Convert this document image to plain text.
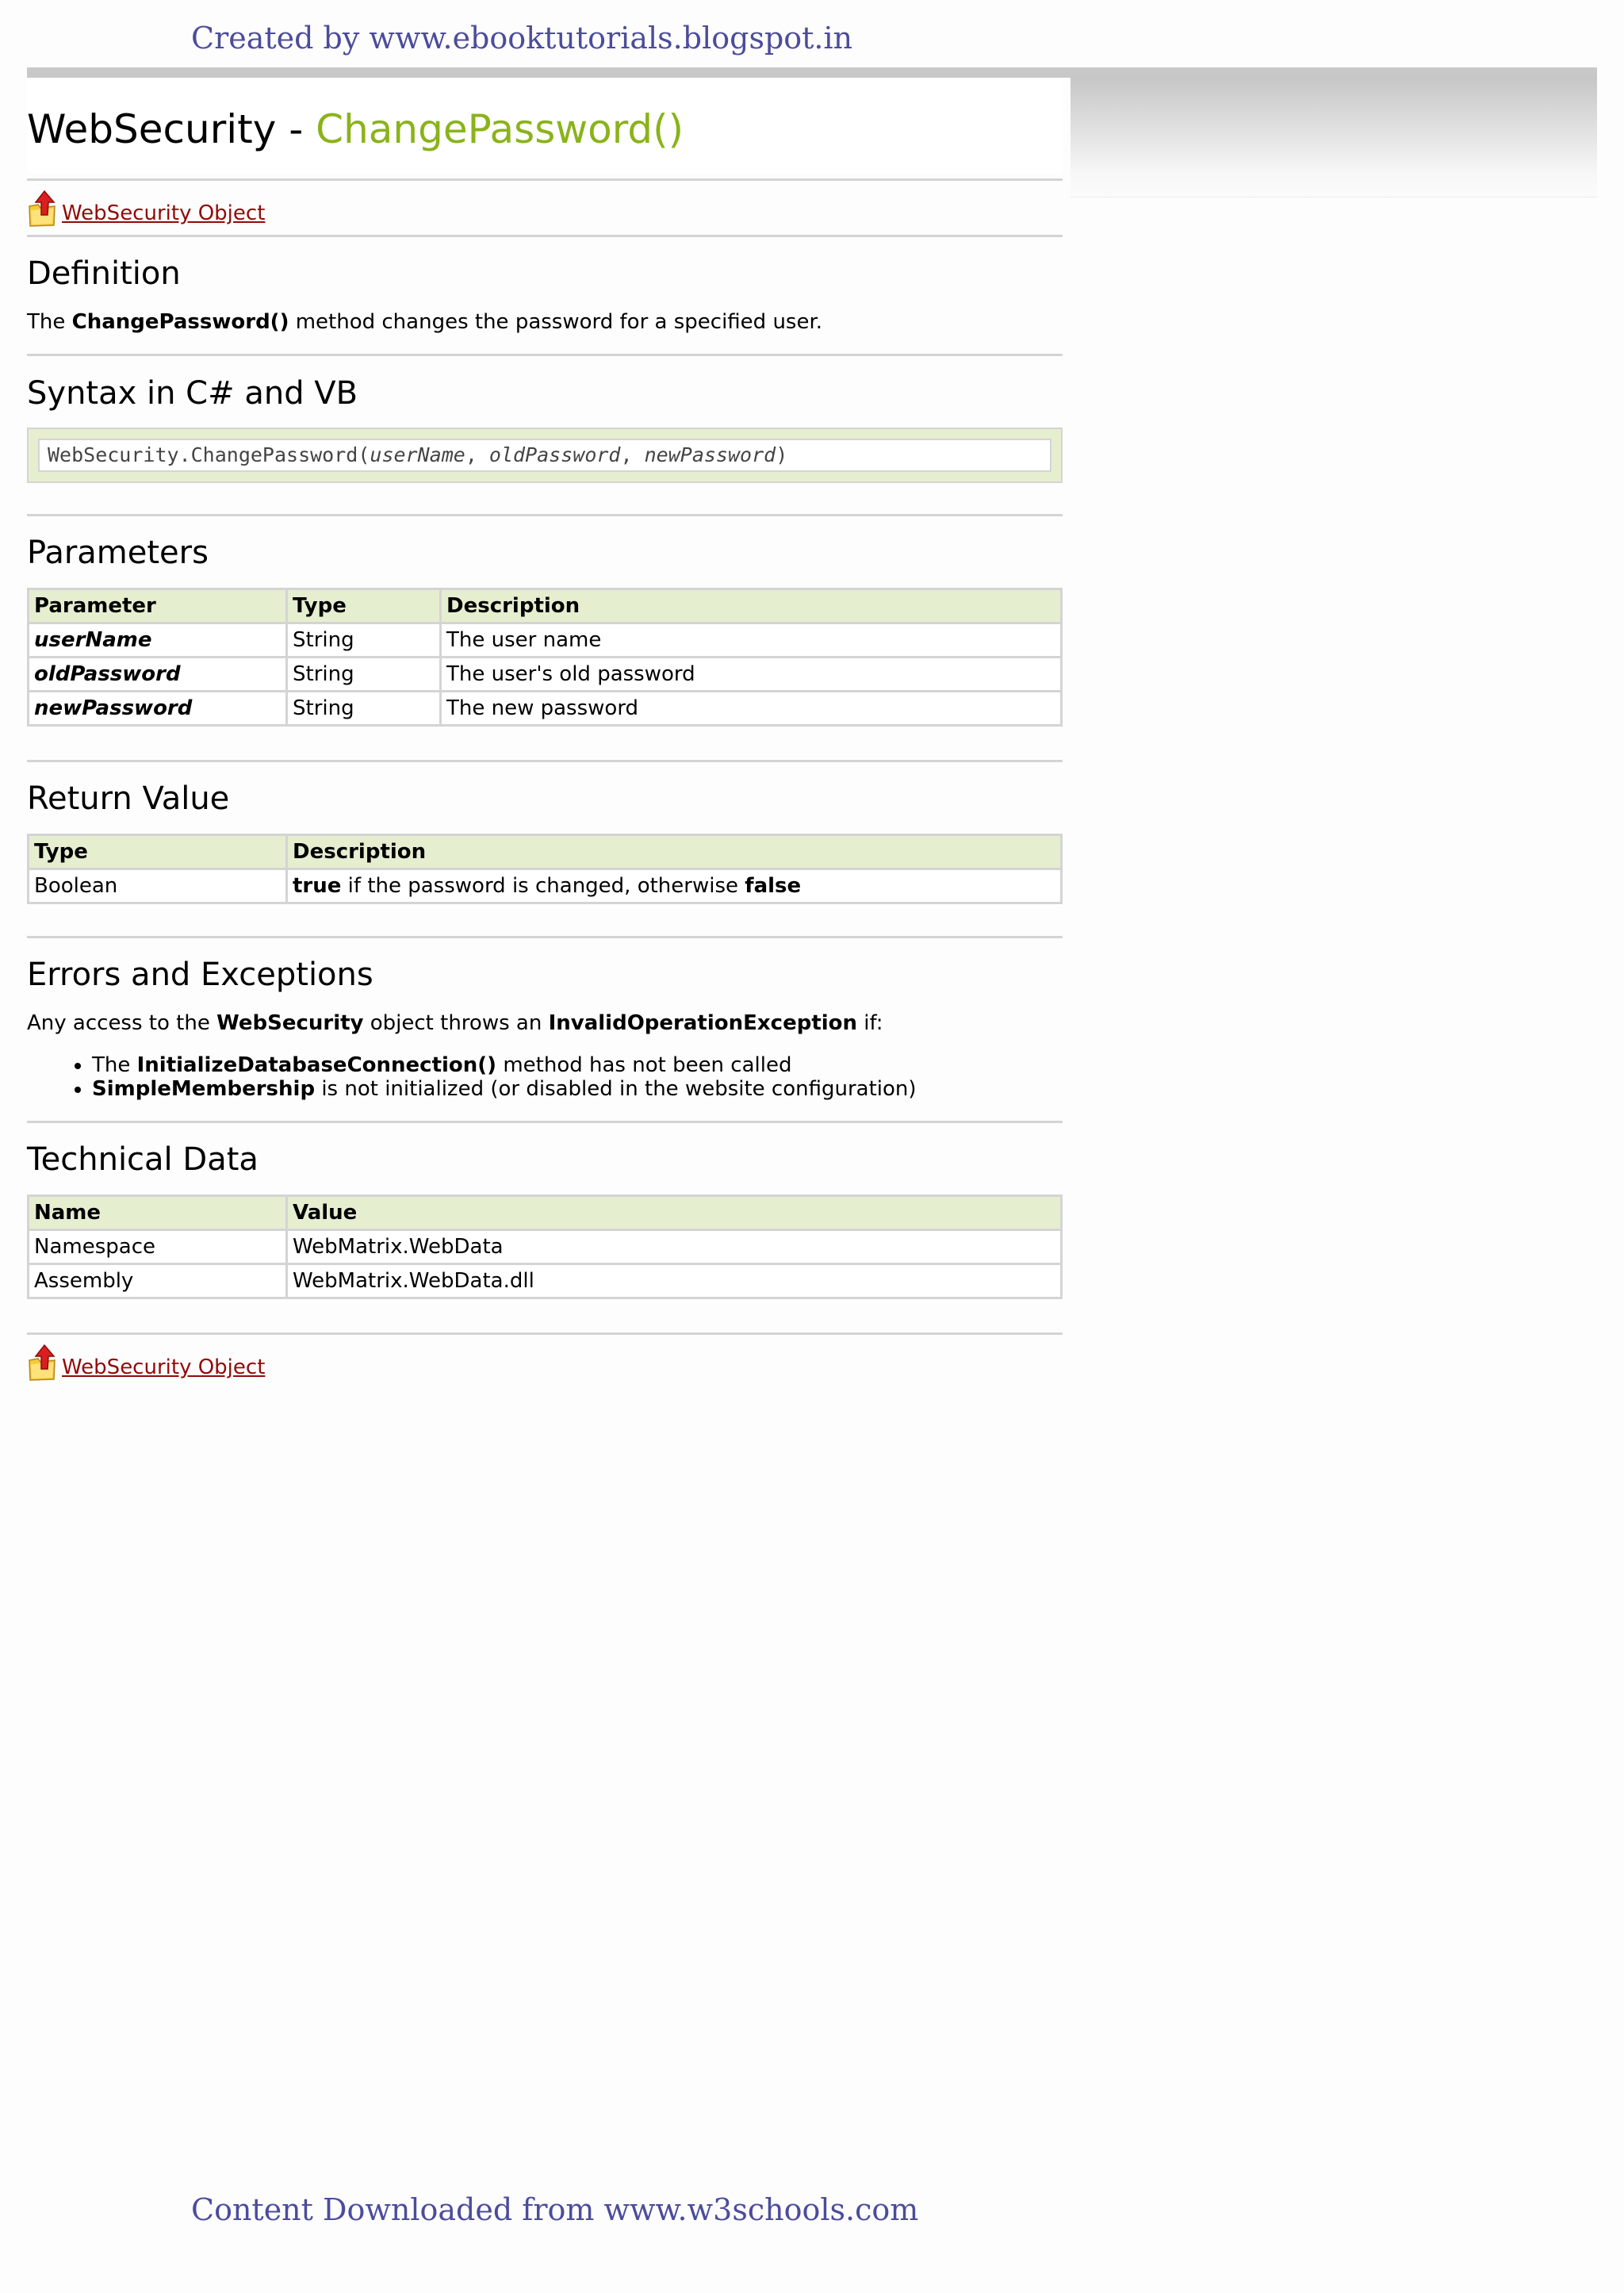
Created by www.ebooktutorials.blogspot.in
WebSecurity - ChangePassword()
WebSecurity Object
Definition

The ChangePassword() method changes the password for a specified user.

Syntax in C# and VB
WebSecurity.ChangePassword(userName, oldPassword, newPassword)
Parameters
Parameter	Type	Description
userName	String	The user name
oldPassword	String	The user's old password
newPassword	String	The new password
Return Value
Type	Description
Boolean	true if the password is changed, otherwise false
Errors and Exceptions

Any access to the WebSecurity object throws an InvalidOperationException if:

• The InitializeDatabaseConnection() method has not been called
• SimpleMembership is not initialized (or disabled in the website configuration)
Technical Data
Name	Value
Namespace	WebMatrix.WebData
Assembly	WebMatrix.WebData.dll
WebSecurity Object
Content Downloaded from www.w3schools.com
